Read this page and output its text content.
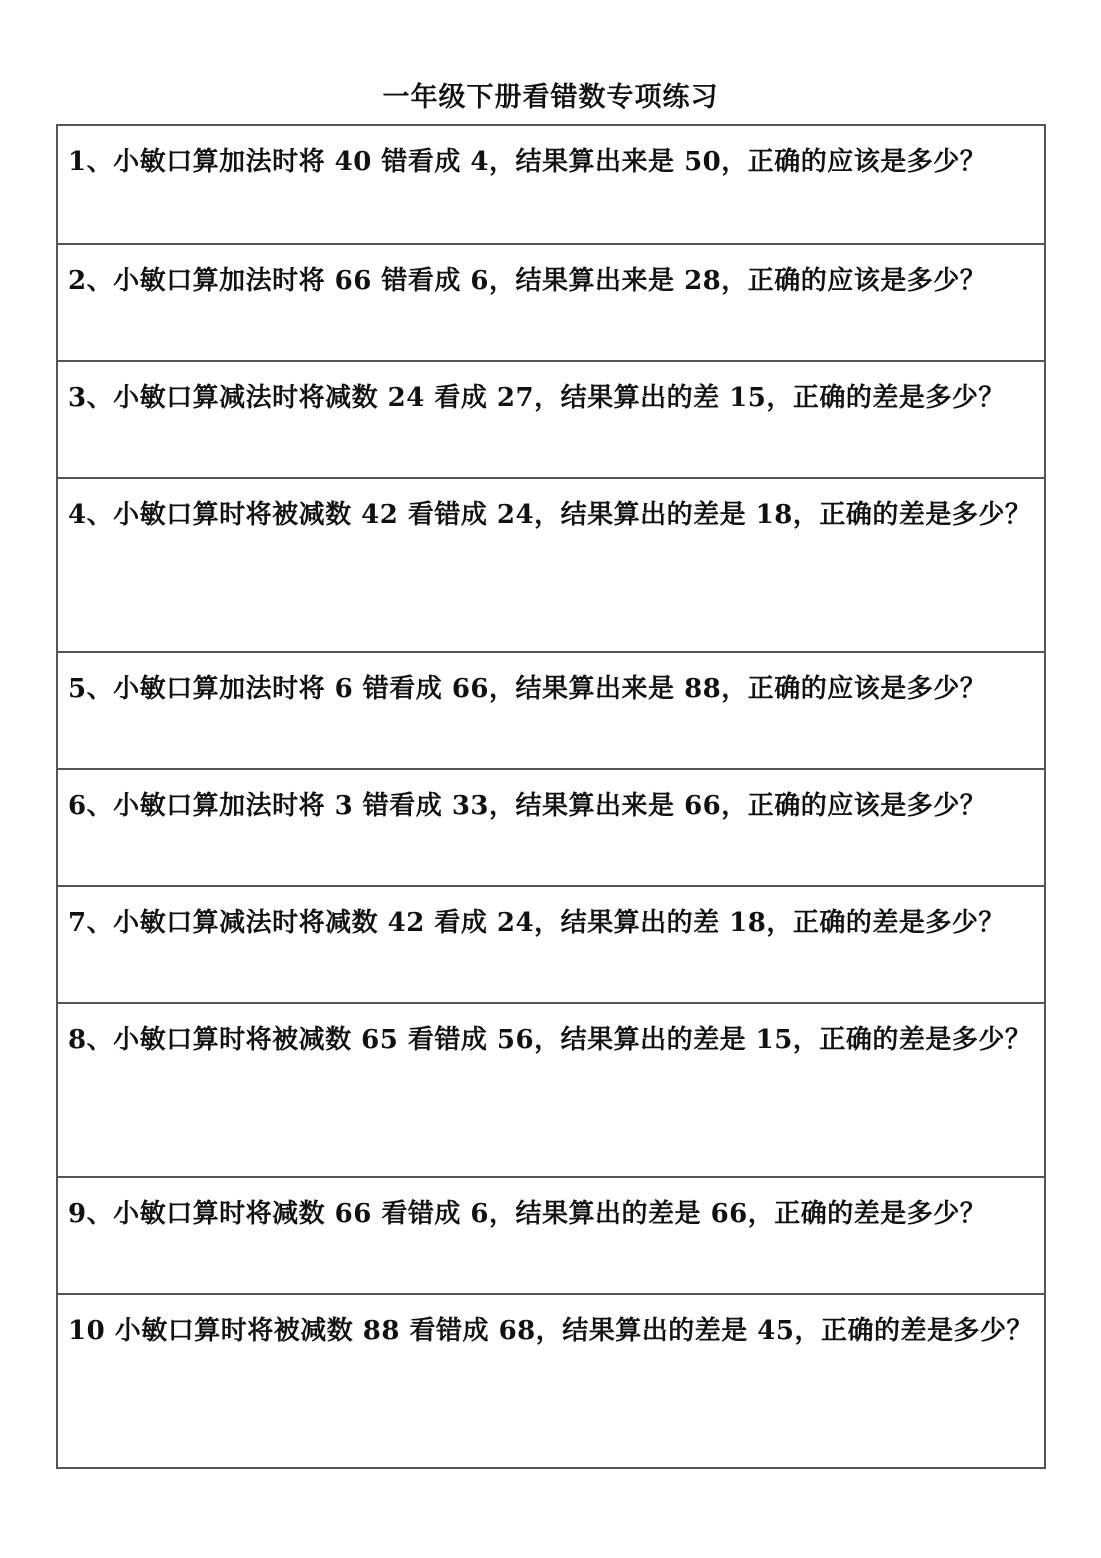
一年级下册看错数专项练习
1、小敏口算加法时将 40 错看成 4，结果算出来是 50，正确的应该是多少？
2、小敏口算加法时将 66 错看成 6，结果算出来是 28，正确的应该是多少？
3、小敏口算减法时将减数 24 看成 27，结果算出的差 15，正确的差是多少？
4、小敏口算时将被减数 42 看错成 24，结果算出的差是 18，正确的差是多少？
5、小敏口算加法时将 6 错看成 66，结果算出来是 88，正确的应该是多少？
6、小敏口算加法时将 3 错看成 33，结果算出来是 66，正确的应该是多少？
7、小敏口算减法时将减数 42 看成 24，结果算出的差 18，正确的差是多少？
8、小敏口算时将被减数 65 看错成 56，结果算出的差是 15，正确的差是多少？
9、小敏口算时将减数 66 看错成 6，结果算出的差是 66，正确的差是多少？
10 小敏口算时将被减数 88 看错成 68，结果算出的差是 45，正确的差是多少？
